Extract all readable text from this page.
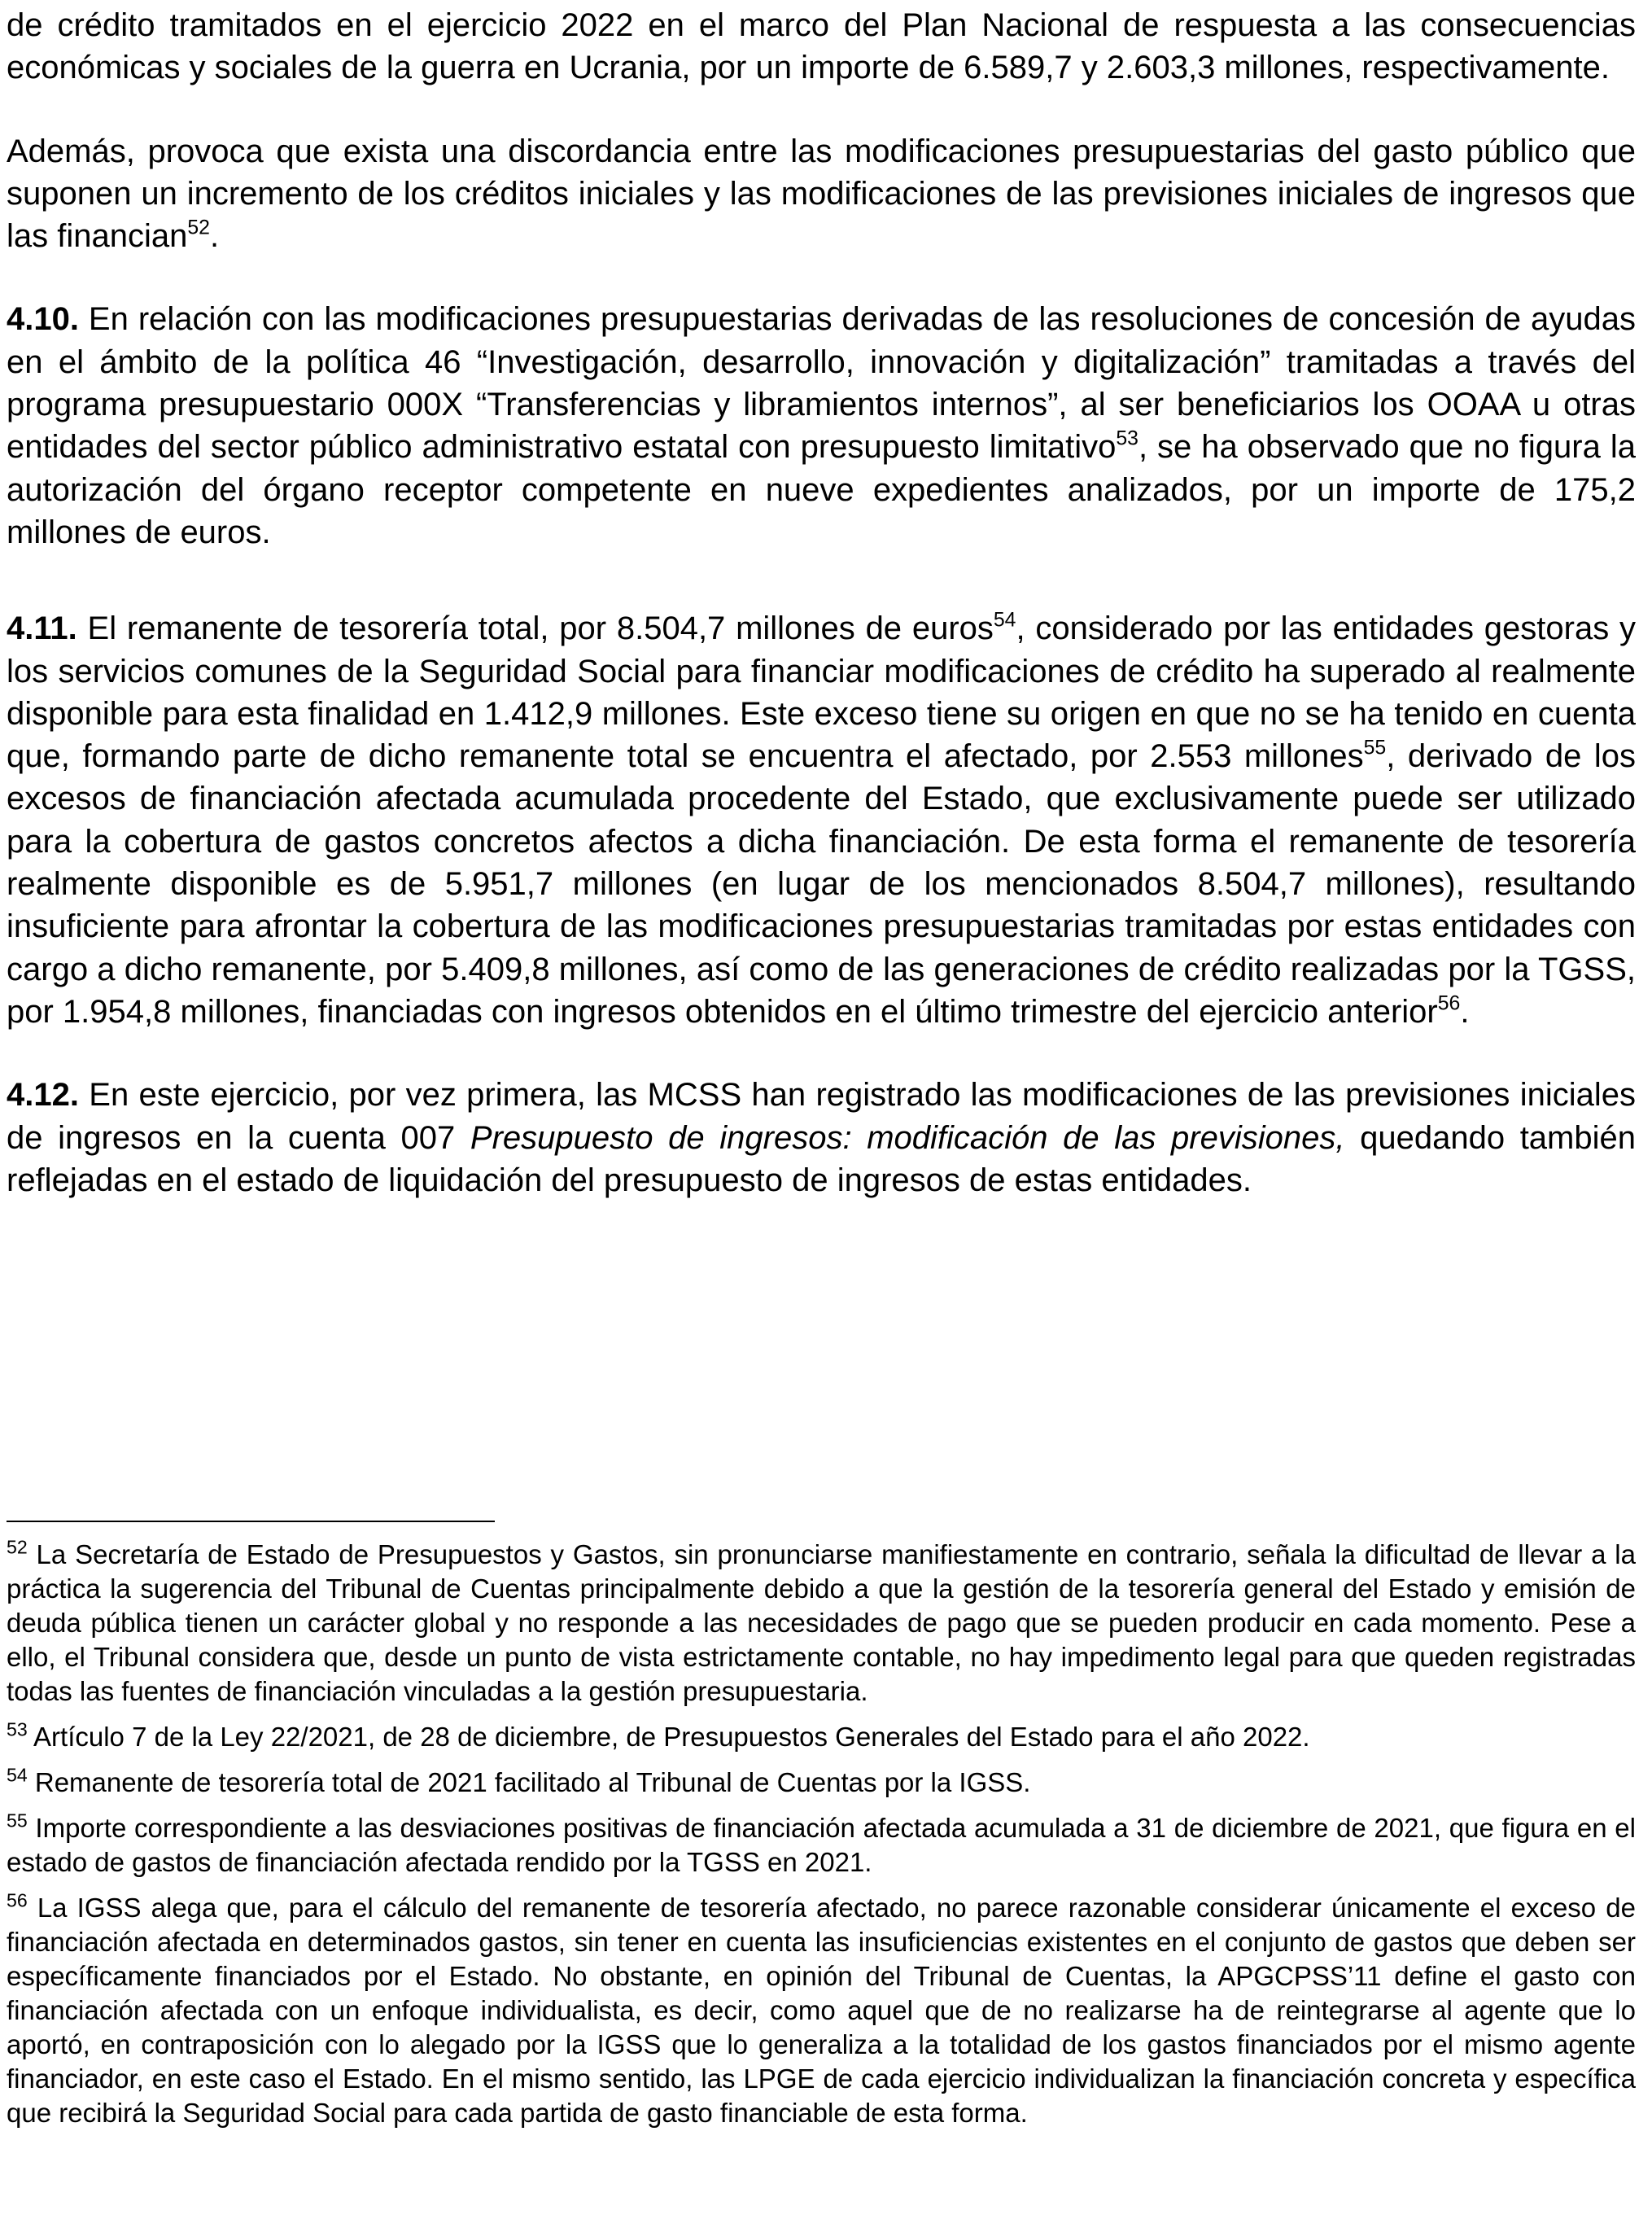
de crédito tramitados en el ejercicio 2022 en el marco del Plan Nacional de respuesta a las consecuencias económicas y sociales de la guerra en Ucrania, por un importe de 6.589,7 y 2.603,3 millones, respectivamente.

Además, provoca que exista una discordancia entre las modificaciones presupuestarias del gasto público que suponen un incremento de los créditos iniciales y las modificaciones de las previsiones iniciales de ingresos que las financian$^{52}$.

4.10. En relación con las modificaciones presupuestarias derivadas de las resoluciones de concesión de ayudas en el ámbito de la política 46 “Investigación, desarrollo, innovación y digitalización” tramitadas a través del programa presupuestario 000X “Transferencias y libramientos internos”, al ser beneficiarios los OOAA u otras entidades del sector público administrativo estatal con presupuesto limitativo$^{53}$, se ha observado que no figura la autorización del órgano receptor competente en nueve expedientes analizados, por un importe de 175,2 millones de euros.

4.11. El remanente de tesorería total, por 8.504,7 millones de euros$^{54}$, considerado por las entidades gestoras y los servicios comunes de la Seguridad Social para financiar modificaciones de crédito ha superado al realmente disponible para esta finalidad en 1.412,9 millones. Este exceso tiene su origen en que no se ha tenido en cuenta que, formando parte de dicho remanente total se encuentra el afectado, por 2.553 millones$^{55}$, derivado de los excesos de financiación afectada acumulada procedente del Estado, que exclusivamente puede ser utilizado para la cobertura de gastos concretos afectos a dicha financiación. De esta forma el remanente de tesorería realmente disponible es de 5.951,7 millones (en lugar de los mencionados 8.504,7 millones), resultando insuficiente para afrontar la cobertura de las modificaciones presupuestarias tramitadas por estas entidades con cargo a dicho remanente, por 5.409,8 millones, así como de las generaciones de crédito realizadas por la TGSS, por 1.954,8 millones, financiadas con ingresos obtenidos en el último trimestre del ejercicio anterior$^{56}$.

4.12. En este ejercicio, por vez primera, las MCSS han registrado las modificaciones de las previsiones iniciales de ingresos en la cuenta 007 Presupuesto de ingresos: modificación de las previsiones, quedando también reflejadas en el estado de liquidación del presupuesto de ingresos de estas entidades.

$^{52}$ La Secretaría de Estado de Presupuestos y Gastos, sin pronunciarse manifiestamente en contrario, señala la dificultad de llevar a la práctica la sugerencia del Tribunal de Cuentas principalmente debido a que la gestión de la tesorería general del Estado y emisión de deuda pública tienen un carácter global y no responde a las necesidades de pago que se pueden producir en cada momento. Pese a ello, el Tribunal considera que, desde un punto de vista estrictamente contable, no hay impedimento legal para que queden registradas todas las fuentes de financiación vinculadas a la gestión presupuestaria.

$^{53}$ Artículo 7 de la Ley 22/2021, de 28 de diciembre, de Presupuestos Generales del Estado para el año 2022.

$^{54}$ Remanente de tesorería total de 2021 facilitado al Tribunal de Cuentas por la IGSS.

$^{55}$ Importe correspondiente a las desviaciones positivas de financiación afectada acumulada a 31 de diciembre de 2021, que figura en el estado de gastos de financiación afectada rendido por la TGSS en 2021.

$^{56}$ La IGSS alega que, para el cálculo del remanente de tesorería afectado, no parece razonable considerar únicamente el exceso de financiación afectada en determinados gastos, sin tener en cuenta las insuficiencias existentes en el conjunto de gastos que deben ser específicamente financiados por el Estado. No obstante, en opinión del Tribunal de Cuentas, la APGCPSS’11 define el gasto con financiación afectada con un enfoque individualista, es decir, como aquel que de no realizarse ha de reintegrarse al agente que lo aportó, en contraposición con lo alegado por la IGSS que lo generaliza a la totalidad de los gastos financiados por el mismo agente financiador, en este caso el Estado. En el mismo sentido, las LPGE de cada ejercicio individualizan la financiación concreta y específica que recibirá la Seguridad Social para cada partida de gasto financiable de esta forma.
